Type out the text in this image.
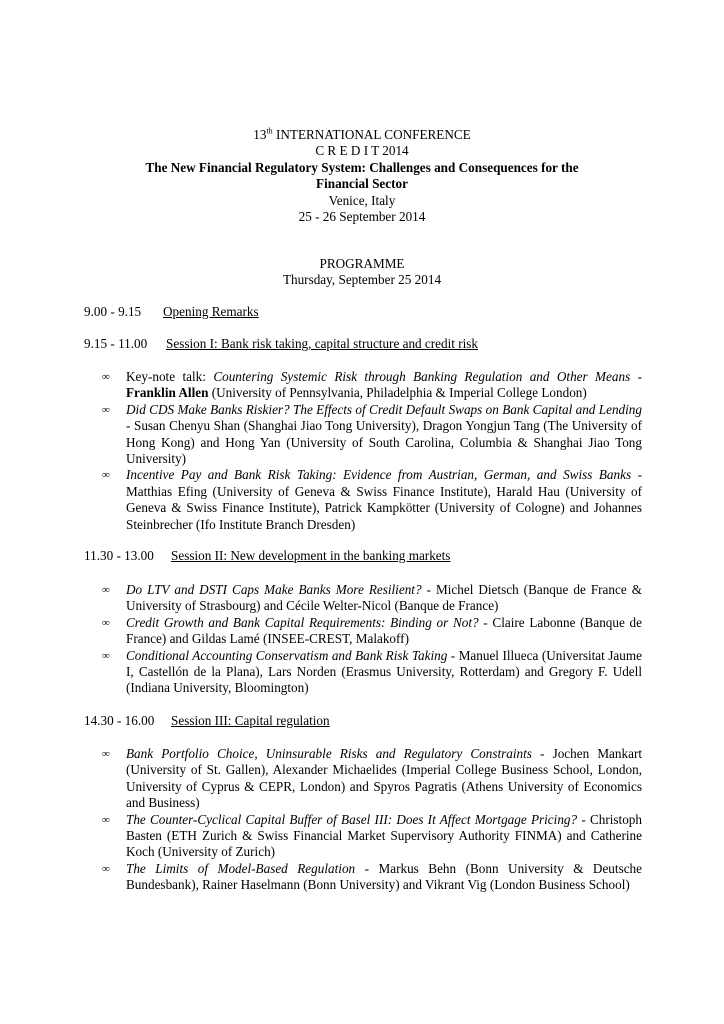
13th INTERNATIONAL CONFERENCE
C R E D I T 2014
The New Financial Regulatory System: Challenges and Consequences for the
Financial Sector
Venice, Italy
25 - 26 September 2014
PROGRAMME
Thursday, September 25 2014
9.00 - 9.15 Opening Remarks
9.15 - 11.00 Session I: Bank risk taking, capital structure and credit risk
∞ Key-note talk: Countering Systemic Risk through Banking Regulation and Other Means - Franklin Allen (University of Pennsylvania, Philadelphia & Imperial College London)
∞ Did CDS Make Banks Riskier? The Effects of Credit Default Swaps on Bank Capital and Lending - Susan Chenyu Shan (Shanghai Jiao Tong University), Dragon Yongjun Tang (The University of Hong Kong) and Hong Yan (University of South Carolina, Columbia & Shanghai Jiao Tong University)
∞ Incentive Pay and Bank Risk Taking: Evidence from Austrian, German, and Swiss Banks - Matthias Efing (University of Geneva & Swiss Finance Institute), Harald Hau (University of Geneva & Swiss Finance Institute), Patrick Kampkötter (University of Cologne) and Johannes Steinbrecher (Ifo Institute Branch Dresden)
11.30 - 13.00 Session II: New development in the banking markets
∞ Do LTV and DSTI Caps Make Banks More Resilient? - Michel Dietsch (Banque de France & University of Strasbourg) and Cécile Welter-Nicol (Banque de France)
∞ Credit Growth and Bank Capital Requirements: Binding or Not? - Claire Labonne (Banque de France) and Gildas Lamé (INSEE-CREST, Malakoff)
∞ Conditional Accounting Conservatism and Bank Risk Taking - Manuel Illueca (Universitat Jaume I, Castellón de la Plana), Lars Norden (Erasmus University, Rotterdam) and Gregory F. Udell (Indiana University, Bloomington)
14.30 - 16.00 Session III: Capital regulation
∞ Bank Portfolio Choice, Uninsurable Risks and Regulatory Constraints - Jochen Mankart (University of St. Gallen), Alexander Michaelides (Imperial College Business School, London, University of Cyprus & CEPR, London) and Spyros Pagratis (Athens University of Economics and Business)
∞ The Counter-Cyclical Capital Buffer of Basel III: Does It Affect Mortgage Pricing? - Christoph Basten (ETH Zurich & Swiss Financial Market Supervisory Authority FINMA) and Catherine Koch (University of Zurich)
∞ The Limits of Model-Based Regulation - Markus Behn (Bonn University & Deutsche Bundesbank), Rainer Haselmann (Bonn University) and Vikrant Vig (London Business School)
